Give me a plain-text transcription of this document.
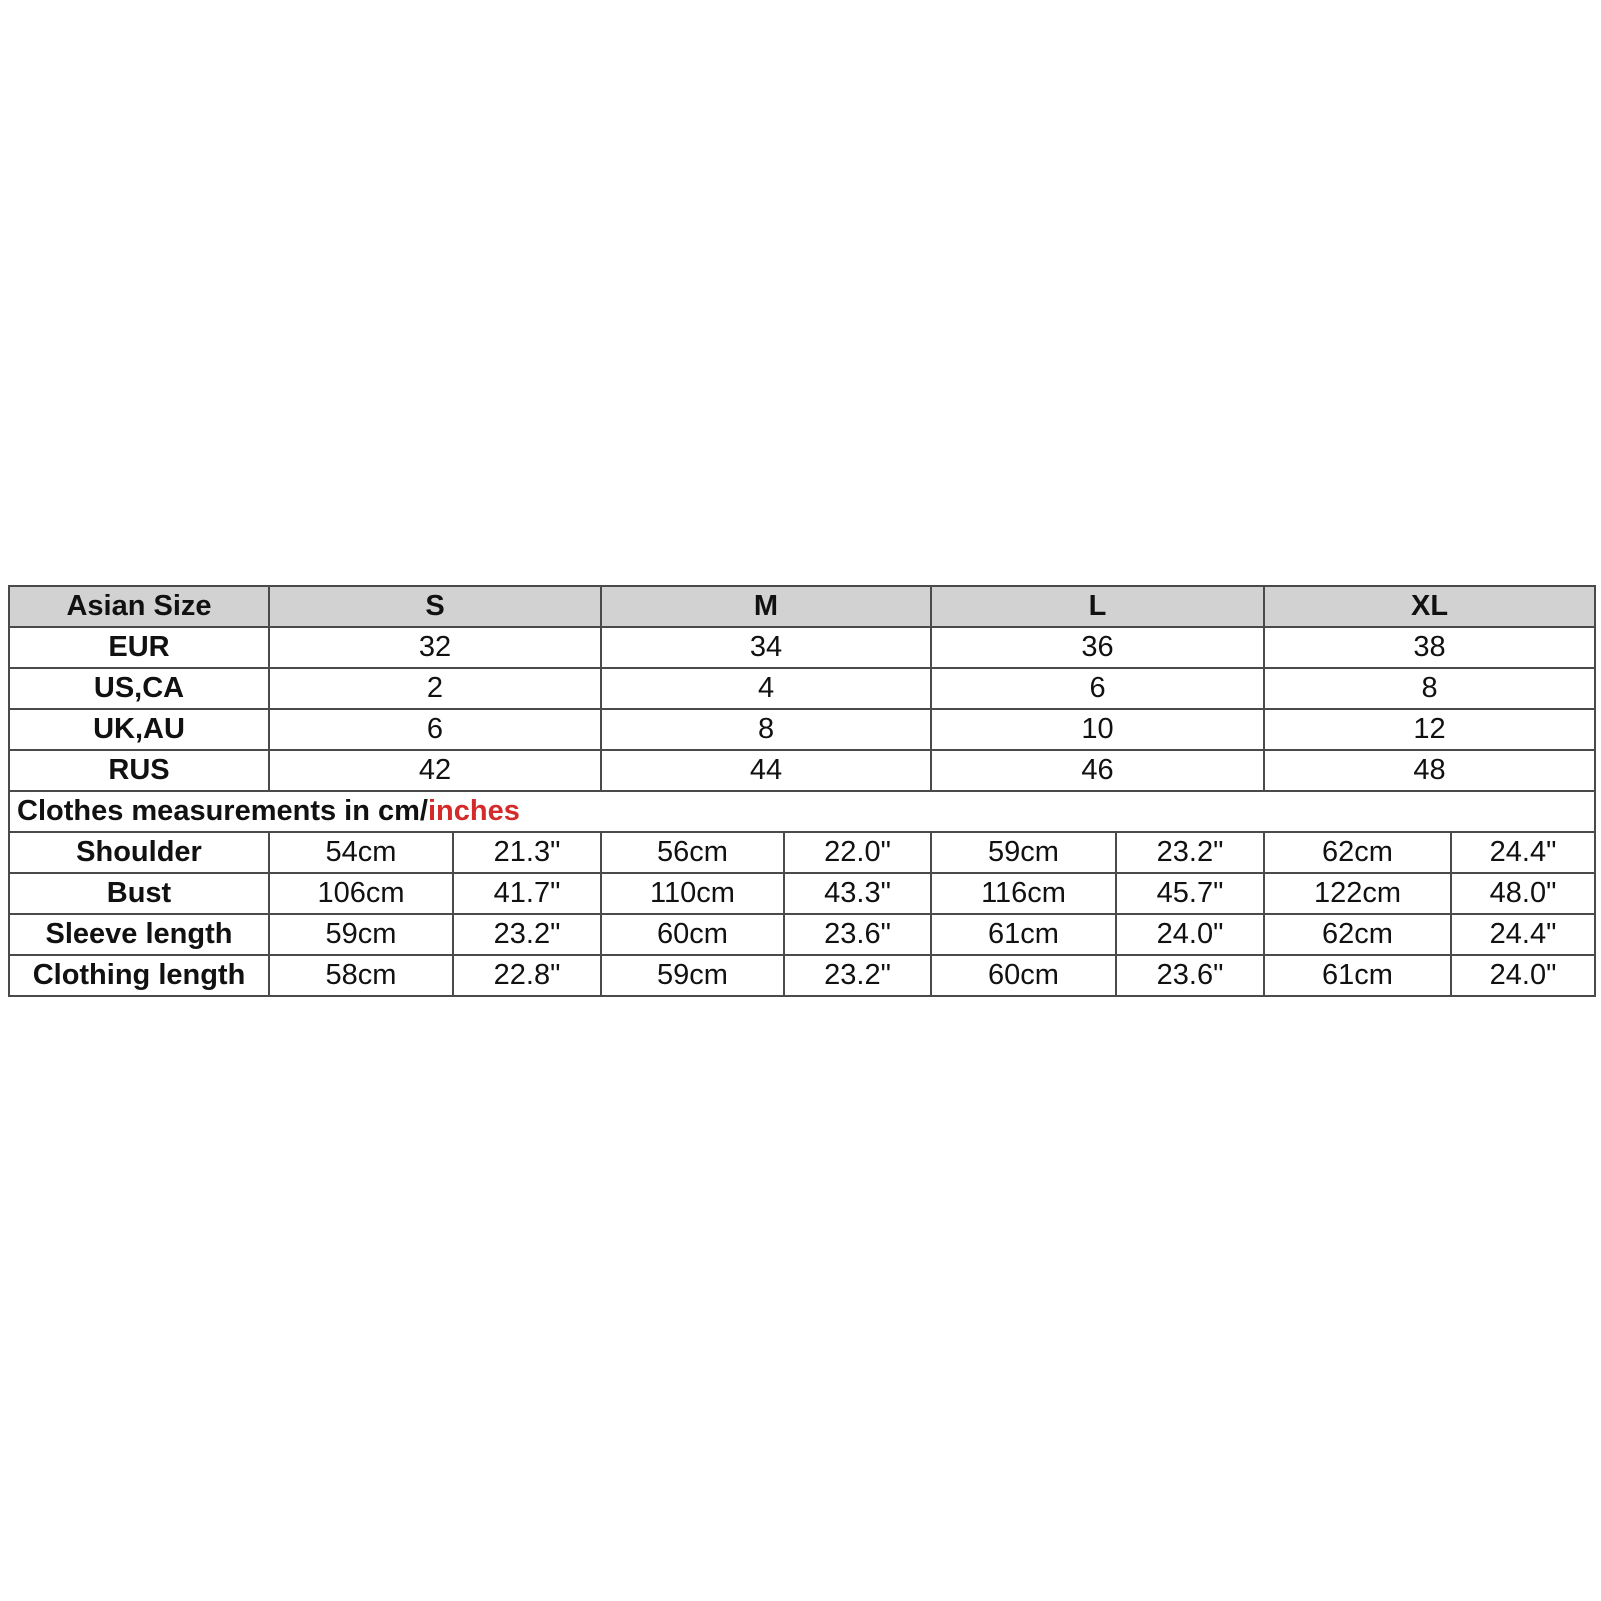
Asian Size	S		M		L		XL	
EUR	32		34		36		38	
US,CA	2		4		6		8	
UK,AU	6		8		10		12	
RUS	42		44		46		48	
Clothes measurements in cm/inches								
Shoulder	54cm	21.3"	56cm	22.0"	59cm	23.2"	62cm	24.4"
Bust	106cm	41.7"	110cm	43.3"	116cm	45.7"	122cm	48.0"
Sleeve length	59cm	23.2"	60cm	23.6"	61cm	24.0"	62cm	24.4"
Clothing length	58cm	22.8"	59cm	23.2"	60cm	23.6"	61cm	24.0"
